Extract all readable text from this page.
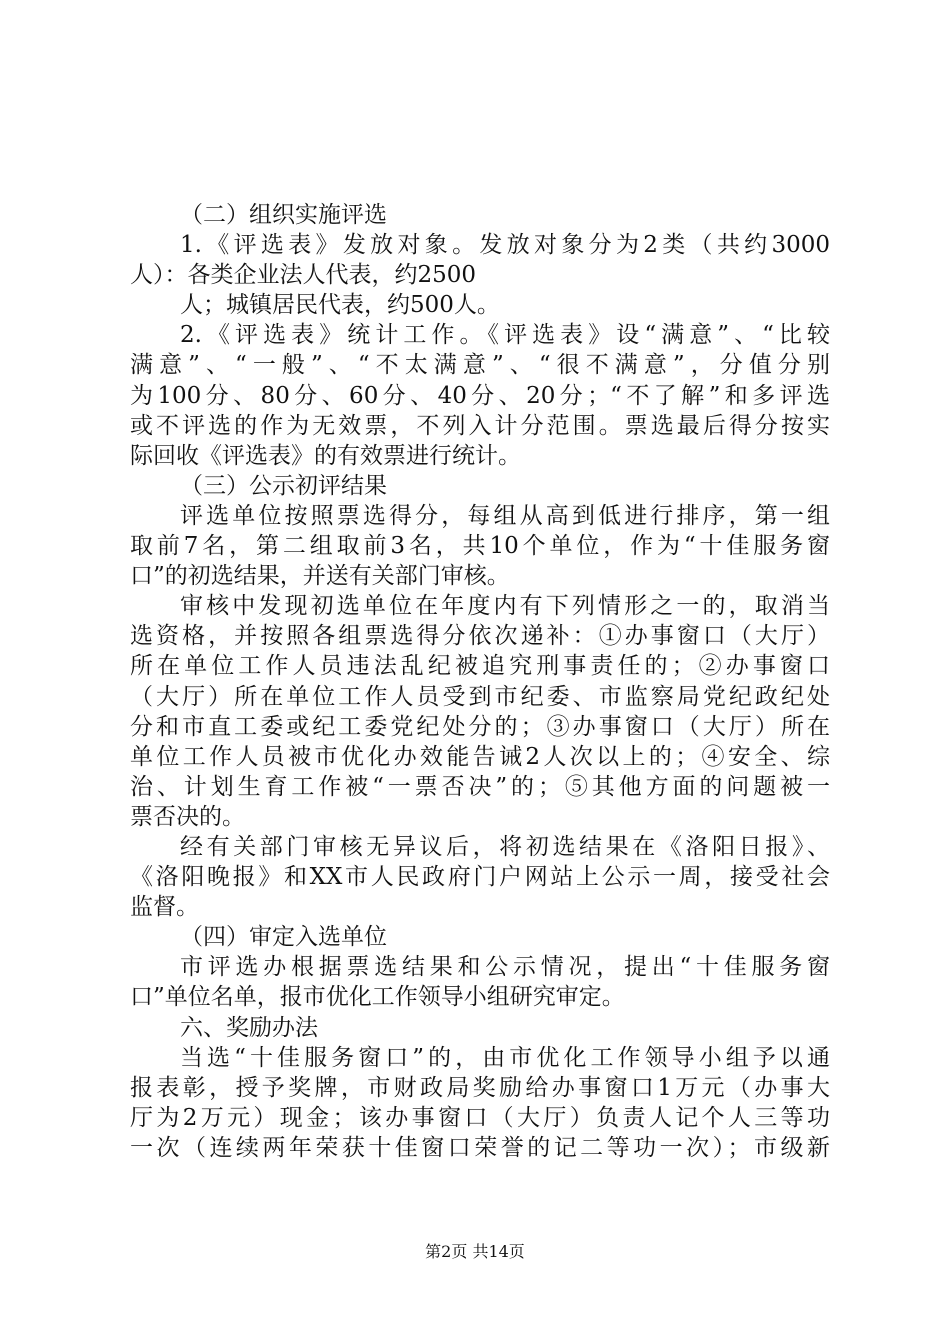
（二）组织实施评选
1.《评选表》发放对象。发放对象分为2类（共约3000
人）：各类企业法人代表，约2500
人；城镇居民代表，约500人。
2.《评选表》统计工作。《评选表》设“满意”、“比较
满意”、“一般”、“不太满意”、“很不满意”，分值分别
为100分、80分、60分、40分、20分；“不了解”和多评选
或不评选的作为无效票，不列入计分范围。票选最后得分按实
际回收《评选表》的有效票进行统计。
（三）公示初评结果
评选单位按照票选得分，每组从高到低进行排序，第一组
取前7名，第二组取前3名，共10个单位，作为“十佳服务窗
口”的初选结果，并送有关部门审核。
审核中发现初选单位在年度内有下列情形之一的，取消当
选资格，并按照各组票选得分依次递补：①办事窗口（大厅）
所在单位工作人员违法乱纪被追究刑事责任的；②办事窗口
（大厅）所在单位工作人员受到市纪委、市监察局党纪政纪处
分和市直工委或纪工委党纪处分的；③办事窗口（大厅）所在
单位工作人员被市优化办效能告诫2人次以上的；④安全、综
治、计划生育工作被“一票否决”的；⑤其他方面的问题被一
票否决的。
经有关部门审核无异议后，将初选结果在《洛阳日报》、
《洛阳晚报》和XX市人民政府门户网站上公示一周，接受社会
监督。
（四）审定入选单位
市评选办根据票选结果和公示情况，提出“十佳服务窗
口”单位名单，报市优化工作领导小组研究审定。
六、奖励办法
当选“十佳服务窗口”的，由市优化工作领导小组予以通
报表彰，授予奖牌，市财政局奖励给办事窗口1万元（办事大
厅为2万元）现金；该办事窗口（大厅）负责人记个人三等功
一次（连续两年荣获十佳窗口荣誉的记二等功一次）；市级新
第2页 共14页
